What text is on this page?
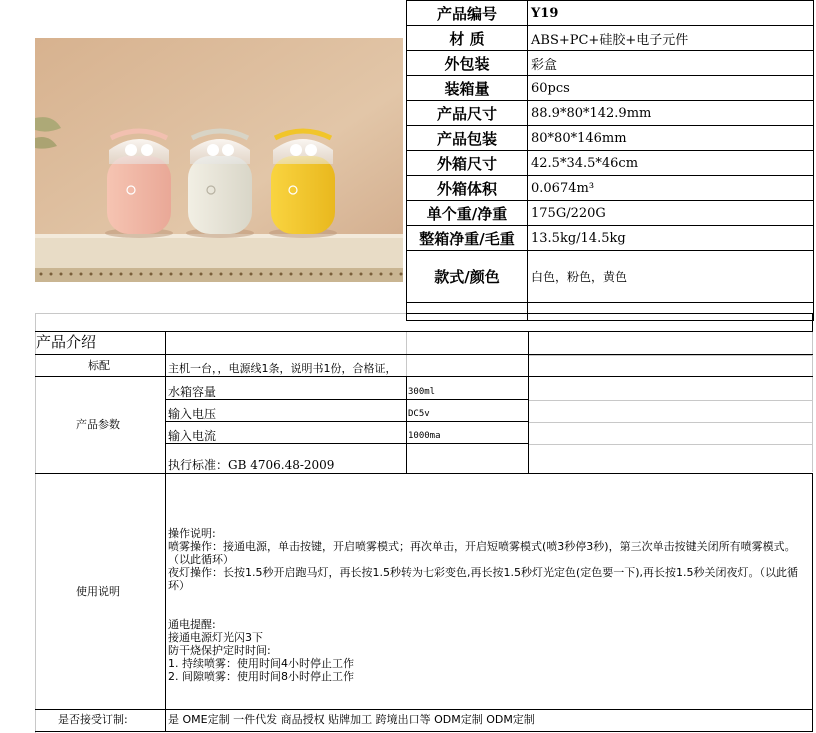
产品编号	Y19
材 质	ABS+PC+硅胶+电子元件
外包装	彩盒
装箱量	60pcs
产品尺寸	88.9*80*142.9mm
产品包装	80*80*146mm
外箱尺寸	42.5*34.5*46cm
外箱体积	0.0674m³
单个重/净重	175G/220G
整箱净重/毛重	13.5kg/14.5kg
款式/颜色	白色，粉色，黄色

产品介绍
标配	主机一台，，电源线1条，说明书1份，合格证，
产品参数
水箱容量	300ml
输入电压	DC5v
输入电流	1000ma
执行标准：GB 4706.48-2009
使用说明
操作说明:
喷雾操作：接通电源，单击按键，开启喷雾模式；再次单击，开启短喷雾模式(喷3秒停3秒)，第三次单击按键关闭所有喷雾模式。（以此循环）
夜灯操作：长按1.5秒开启跑马灯，再长按1.5秒转为七彩变色,再长按1.5秒灯光定色(定色要一下),再长按1.5秒关闭夜灯。（以此循环）
通电提醒:
接通电源灯光闪3下
防干烧保护定时时间:
1. 持续喷雾：使用时间4小时停止工作
2. 间隙喷雾：使用时间8小时停止工作
是否接受订制:	是 OME定制 一件代发 商品授权 贴牌加工 跨境出口等 ODM定制 ODM定制
